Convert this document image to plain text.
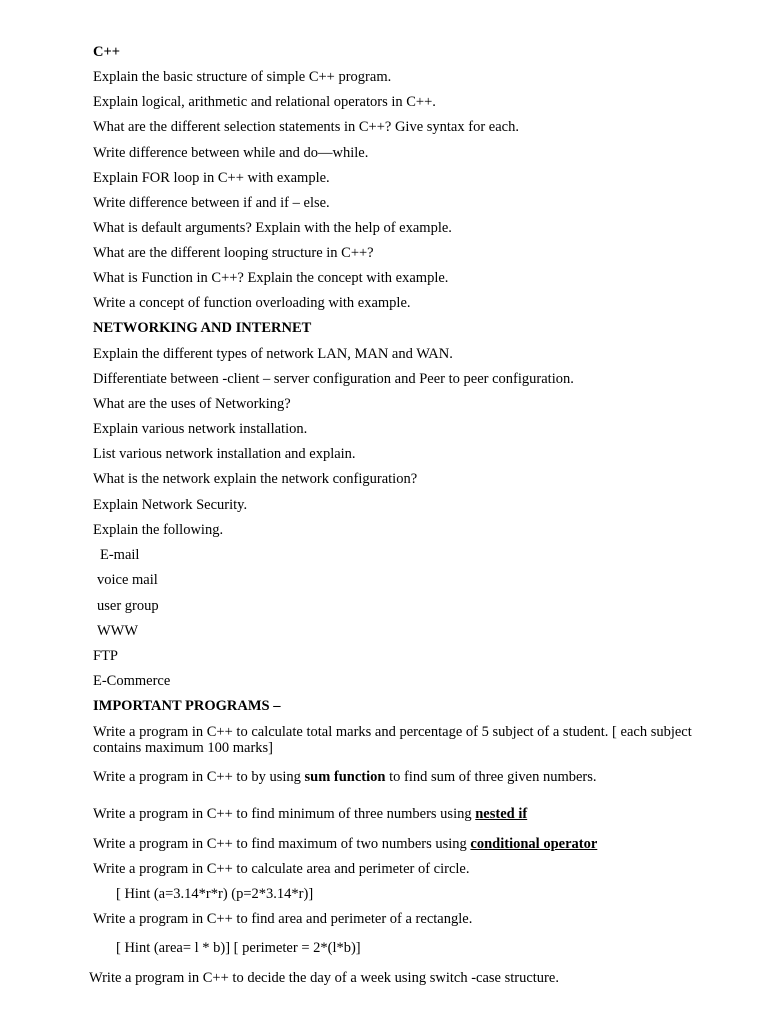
C++
Explain the basic structure of simple C++ program.
Explain logical, arithmetic and relational operators in C++.
What are the different selection statements in C++? Give syntax for each.
Write difference between while and do—while.
Explain FOR loop in C++ with example.
Write difference between if and if – else.
What is default arguments? Explain with the help of example.
What are the different looping structure in C++?
What is Function in C++? Explain the concept with example.
Write a concept of function overloading with example.
NETWORKING AND INTERNET
Explain the different types of network LAN, MAN and WAN.
Differentiate between -client – server configuration and Peer to peer configuration.
What are the uses of Networking?
Explain various network installation.
List various network installation and explain.
What is the network explain the network configuration?
Explain Network Security.
Explain the following.
E-mail
voice mail
user group
WWW
FTP
E-Commerce
IMPORTANT PROGRAMS –
Write a program in C++ to calculate total marks and percentage of 5 subject of a student. [ each subject contains maximum 100 marks]
Write a program in C++ to by using sum function to find sum of three given numbers.
Write a program in C++ to find minimum of three numbers using nested if
Write a program in C++ to find maximum of two numbers using conditional operator
Write a program in C++ to calculate area and perimeter of circle.
[ Hint (a=3.14*r*r) (p=2*3.14*r)]
Write a program in C++ to find area and perimeter of a rectangle.
[ Hint (area= l * b)] [ perimeter = 2*(l*b)]
Write a program in C++ to decide the day of a week using switch -case structure.
